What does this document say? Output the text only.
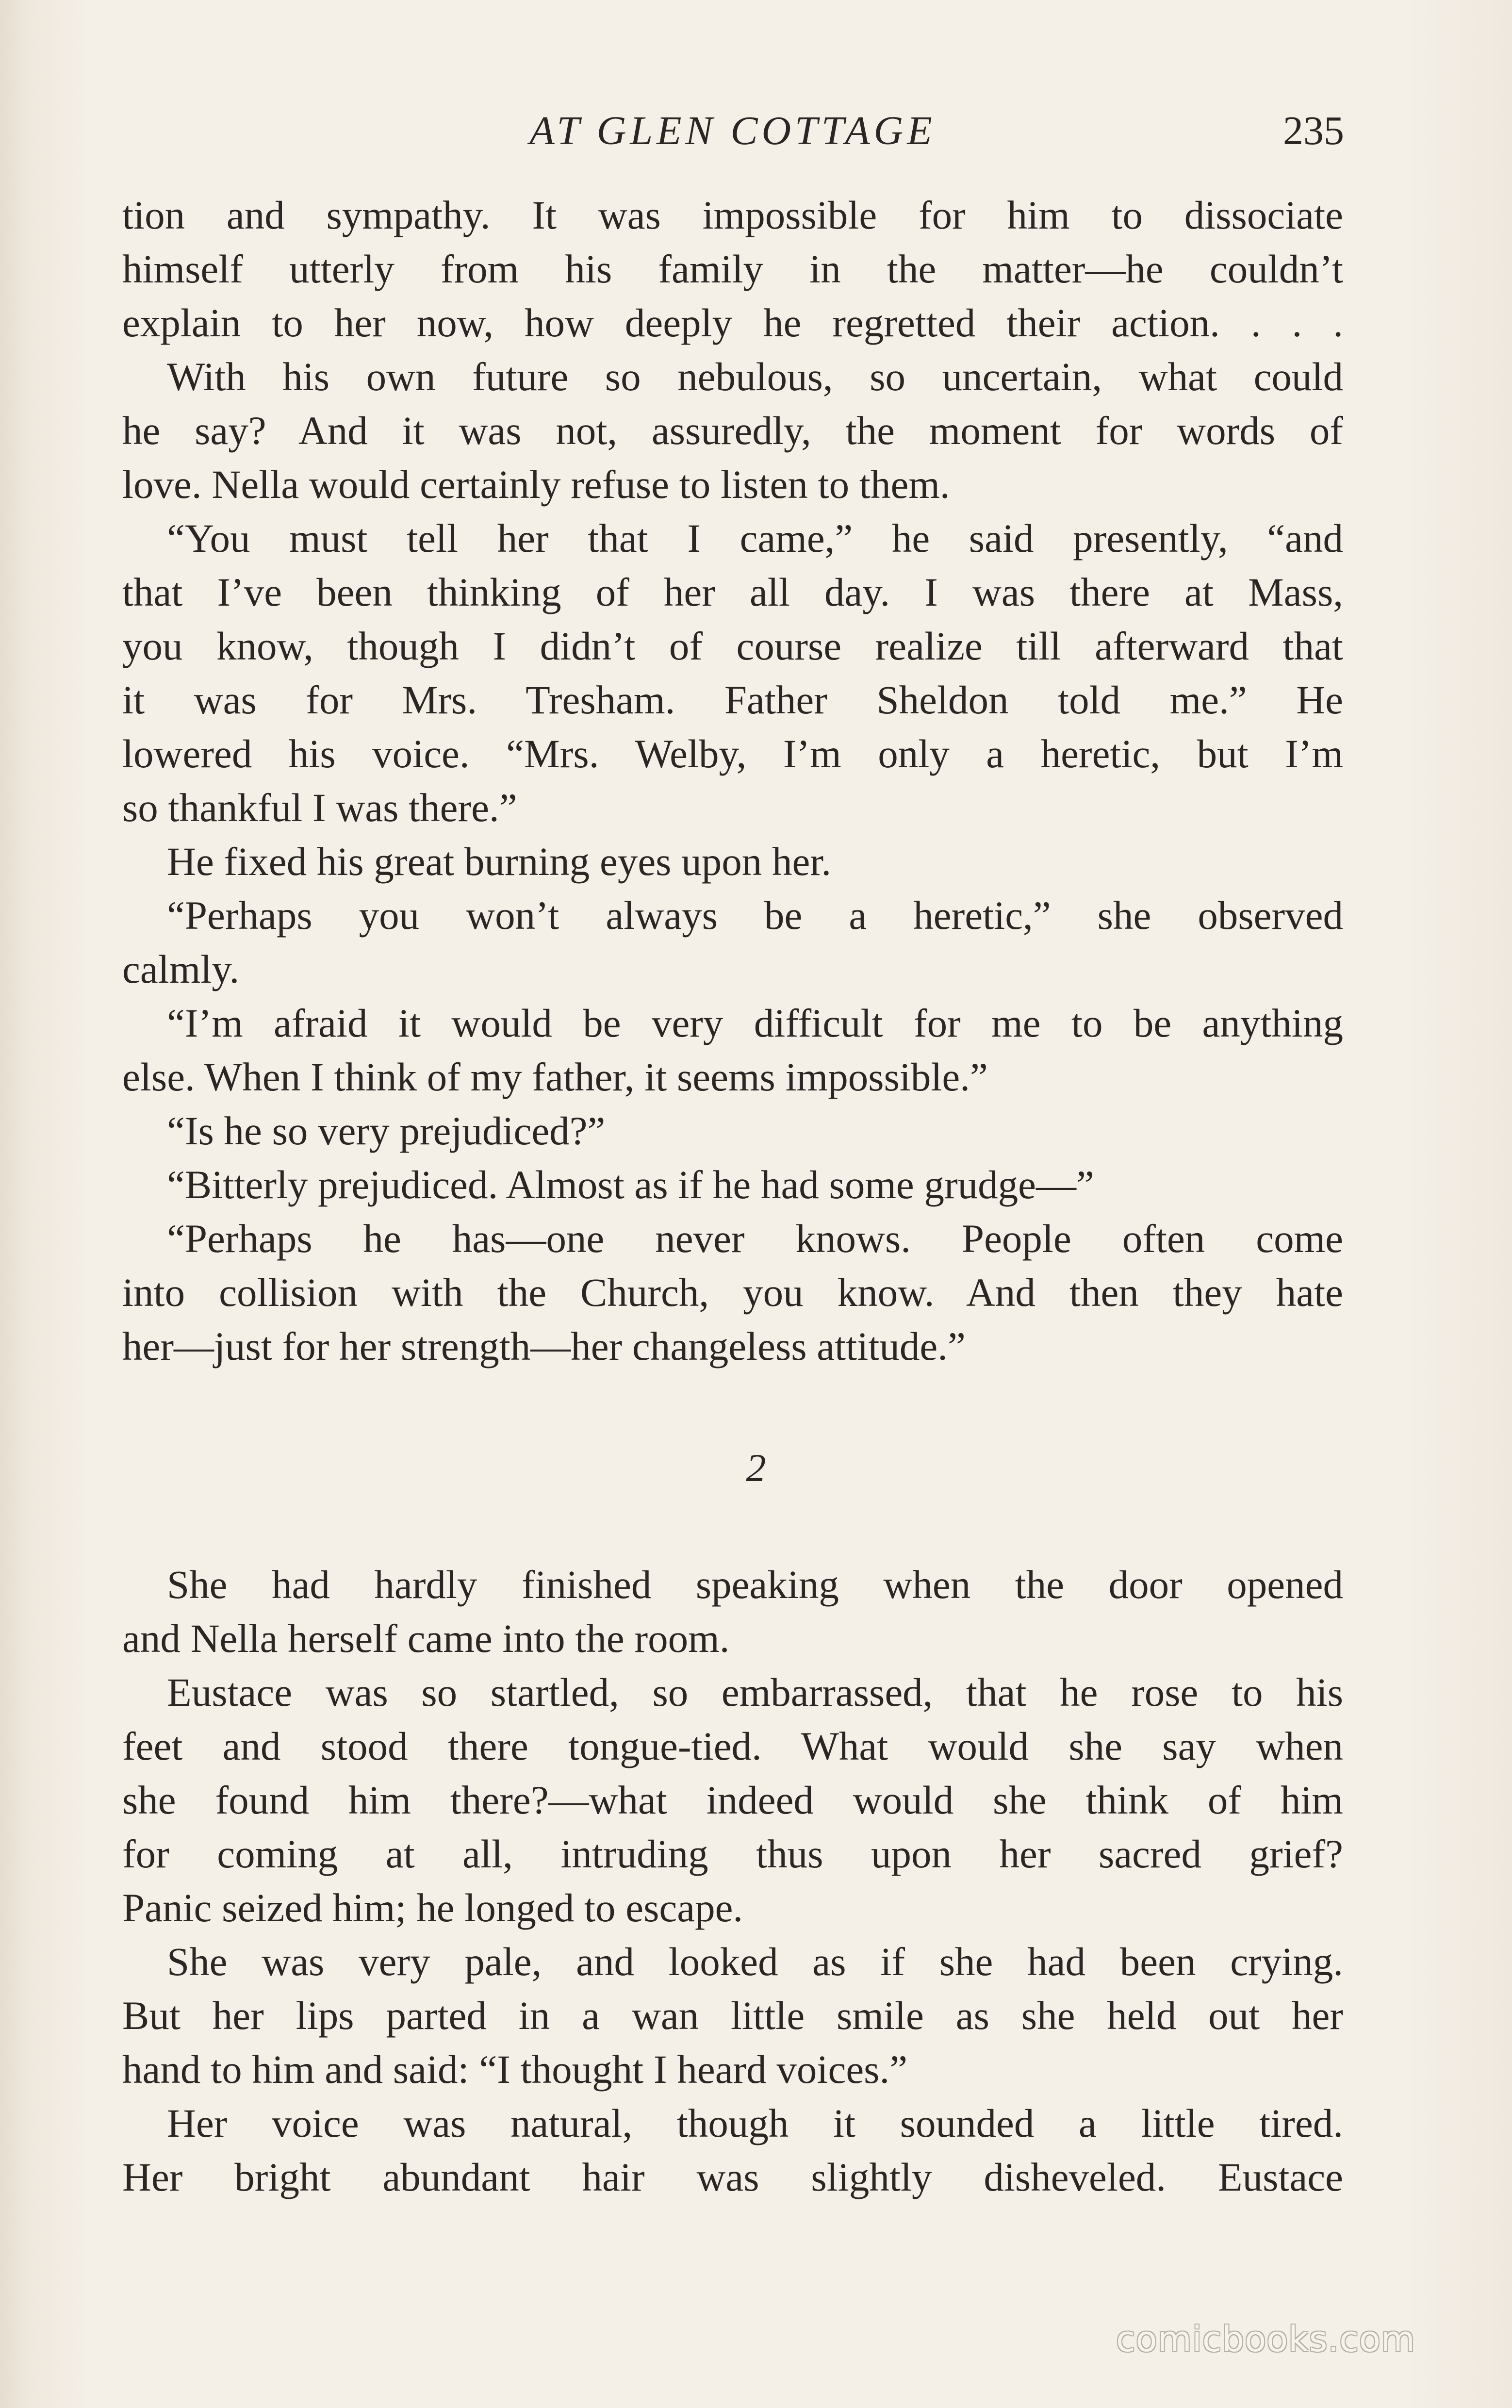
AT GLEN COTTAGE	235
tion and sympathy. It was impossible for him to dissociate
himself utterly from his family in the matter—he couldn’t
explain to her now, how deeply he regretted their action. . . .
With his own future so nebulous, so uncertain, what could
he say? And it was not, assuredly, the moment for words of
love. Nella would certainly refuse to listen to them.
“You must tell her that I came,” he said presently, “and
that I’ve been thinking of her all day. I was there at Mass,
you know, though I didn’t of course realize till afterward that
it was for Mrs. Tresham. Father Sheldon told me.” He
lowered his voice. “Mrs. Welby, I’m only a heretic, but I’m
so thankful I was there.”
He fixed his great burning eyes upon her.
“Perhaps you won’t always be a heretic,” she observed
calmly.
“I’m afraid it would be very difficult for me to be anything
else. When I think of my father, it seems impossible.”
“Is he so very prejudiced?”
“Bitterly prejudiced. Almost as if he had some grudge—”
“Perhaps he has—one never knows. People often come
into collision with the Church, you know. And then they hate
her—just for her strength—her changeless attitude.”
2
She had hardly finished speaking when the door opened
and Nella herself came into the room.
Eustace was so startled, so embarrassed, that he rose to his
feet and stood there tongue-tied. What would she say when
she found him there?—what indeed would she think of him
for coming at all, intruding thus upon her sacred grief?
Panic seized him; he longed to escape.
She was very pale, and looked as if she had been crying.
But her lips parted in a wan little smile as she held out her
hand to him and said: “I thought I heard voices.”
Her voice was natural, though it sounded a little tired.
Her bright abundant hair was slightly disheveled. Eustace
comicbooks.com
